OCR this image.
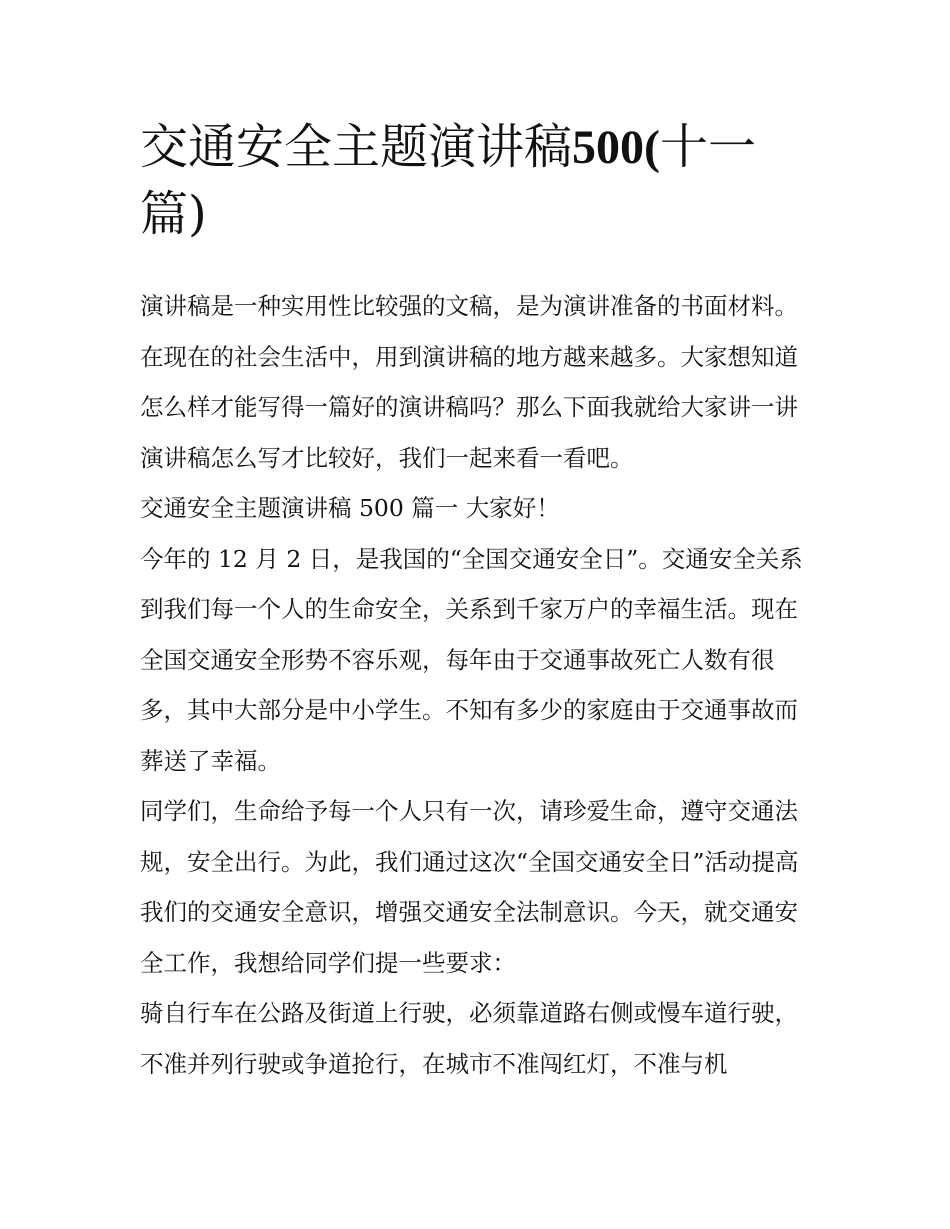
交通安全主题演讲稿500(十一篇)

演讲稿是一种实用性比较强的文稿，是为演讲准备的书面材料。在现在的社会生活中，用到演讲稿的地方越来越多。大家想知道怎么样才能写得一篇好的演讲稿吗？那么下面我就给大家讲一讲演讲稿怎么写才比较好，我们一起来看一看吧。

交通安全主题演讲稿 500 篇一 大家好！

今年的 12 月 2 日，是我国的“全国交通安全日”。交通安全关系到我们每一个人的生命安全，关系到千家万户的幸福生活。现在全国交通安全形势不容乐观，每年由于交通事故死亡人数有很多，其中大部分是中小学生。不知有多少的家庭由于交通事故而葬送了幸福。

同学们，生命给予每一个人只有一次，请珍爱生命，遵守交通法规，安全出行。为此，我们通过这次“全国交通安全日”活动提高我们的交通安全意识，增强交通安全法制意识。今天，就交通安全工作，我想给同学们提一些要求：

骑自行车在公路及街道上行驶，必须靠道路右侧或慢车道行驶，不准并列行驶或争道抢行，在城市不准闯红灯，不准与机
